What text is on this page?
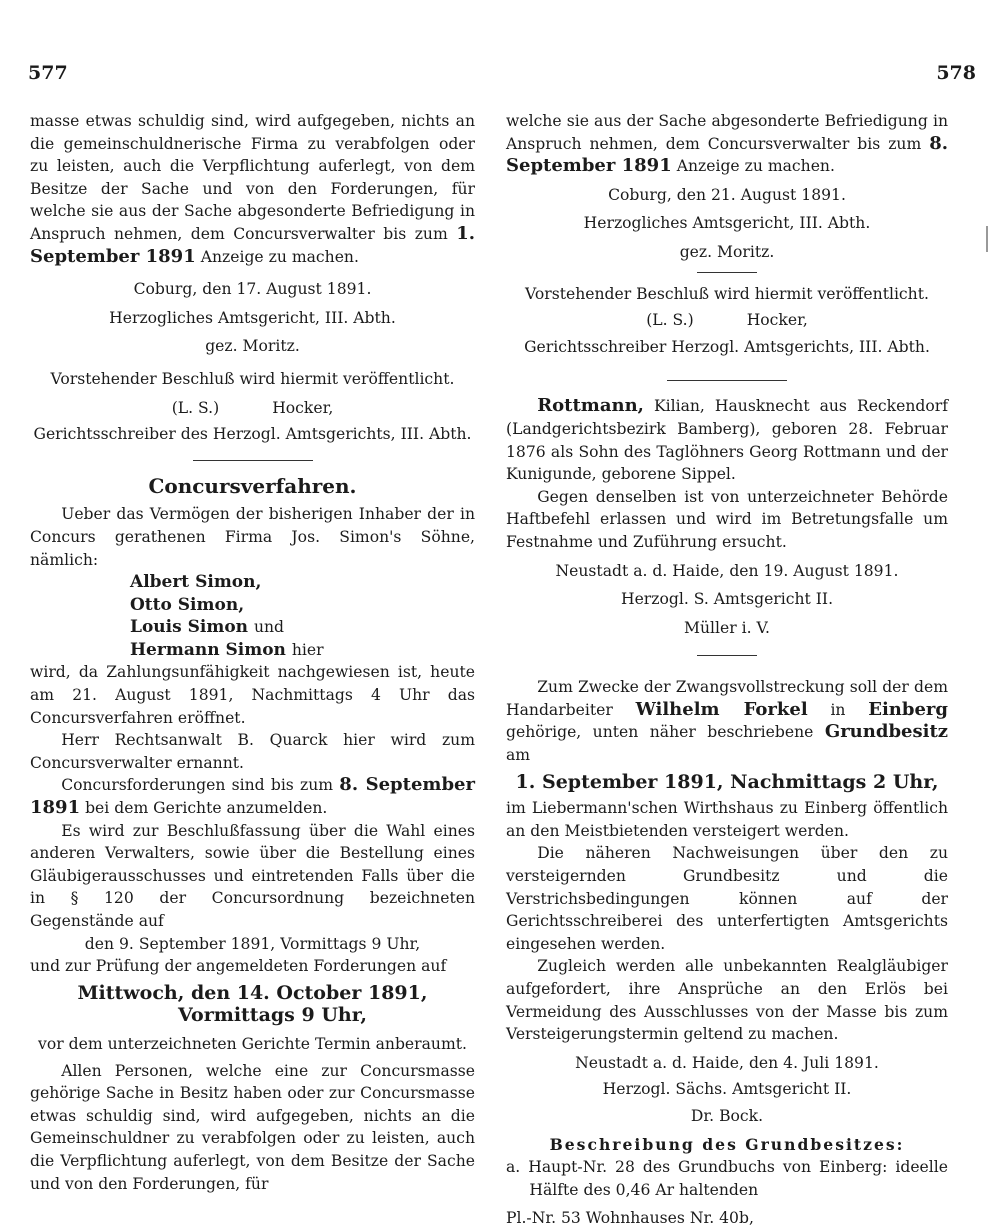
577	578

masse etwas schuldig sind, wird aufgegeben, nichts an die gemeinschuldnerische Firma zu verabfolgen oder zu leisten, auch die Verpflichtung auferlegt, von dem Besitze der Sache und von den Forderungen, für welche sie aus der Sache abgesonderte Befriedigung in Anspruch nehmen, dem Concursverwalter bis zum 1. September 1891 Anzeige zu machen.

Coburg, den 17. August 1891.

Herzogliches Amtsgericht, III. Abth.

gez. Moritz.

Vorstehender Beschluß wird hiermit veröffentlicht.

(L. S.)	Hocker,

Gerichtsschreiber des Herzogl. Amtsgerichts, III. Abth.

Concursverfahren.

Ueber das Vermögen der bisherigen Inhaber der in Concurs gerathenen Firma Jos. Simon's Söhne, nämlich:

Albert Simon,

Otto Simon,

Louis Simon und

Hermann Simon hier

wird, da Zahlungsunfähigkeit nachgewiesen ist, heute am 21. August 1891, Nachmittags 4 Uhr das Concursverfahren eröffnet.

Herr Rechtsanwalt B. Quarck hier wird zum Concursverwalter ernannt.

Concursforderungen sind bis zum 8. September 1891 bei dem Gerichte anzumelden.

Es wird zur Beschlußfassung über die Wahl eines anderen Verwalters, sowie über die Bestellung eines Gläubigerausschusses und eintretenden Falls über die in § 120 der Concursordnung bezeichneten Gegenstände auf

den 9. September 1891, Vormittags 9 Uhr,

und zur Prüfung der angemeldeten Forderungen auf

Mittwoch, den 14. October 1891,

Vormittags 9 Uhr,

vor dem unterzeichneten Gerichte Termin anberaumt.

Allen Personen, welche eine zur Concursmasse gehörige Sache in Besitz haben oder zur Concursmasse etwas schuldig sind, wird aufgegeben, nichts an die Gemeinschuldner zu verabfolgen oder zu leisten, auch die Verpflichtung auferlegt, von dem Besitze der Sache und von den Forderungen, für

welche sie aus der Sache abgesonderte Befriedigung in Anspruch nehmen, dem Concursverwalter bis zum 8. September 1891 Anzeige zu machen.

Coburg, den 21. August 1891.

Herzogliches Amtsgericht, III. Abth.

gez. Moritz.

Vorstehender Beschluß wird hiermit veröffentlicht.

(L. S.)	Hocker,

Gerichtsschreiber Herzogl. Amtsgerichts, III. Abth.

Rottmann, Kilian, Hausknecht aus Reckendorf (Landgerichtsbezirk Bamberg), geboren 28. Februar 1876 als Sohn des Taglöhners Georg Rottmann und der Kunigunde, geborene Sippel.

Gegen denselben ist von unterzeichneter Behörde Haftbefehl erlassen und wird im Betretungsfalle um Festnahme und Zuführung ersucht.

Neustadt a. d. Haide, den 19. August 1891.

Herzogl. S. Amtsgericht II.

Müller i. V.

Zum Zwecke der Zwangsvollstreckung soll der dem Handarbeiter Wilhelm Forkel in Einberg gehörige, unten näher beschriebene Grundbesitz am

1. September 1891, Nachmittags 2 Uhr,

im Liebermann'schen Wirthshaus zu Einberg öffentlich an den Meistbietenden versteigert werden.

Die näheren Nachweisungen über den zu versteigernden Grundbesitz und die Verstrichsbedingungen können auf der Gerichtsschreiberei des unterfertigten Amtsgerichts eingesehen werden.

Zugleich werden alle unbekannten Realgläubiger aufgefordert, ihre Ansprüche an den Erlös bei Vermeidung des Ausschlusses von der Masse bis zum Versteigerungstermin geltend zu machen.

Neustadt a. d. Haide, den 4. Juli 1891.

Herzogl. Sächs. Amtsgericht II.

Dr. Bock.

Beschreibung des Grundbesitzes:

a. Haupt-Nr. 28 des Grundbuchs von Einberg: ideelle Hälfte des 0,46 Ar haltenden

Pl.-Nr. 53 Wohnhauses Nr. 40b,
